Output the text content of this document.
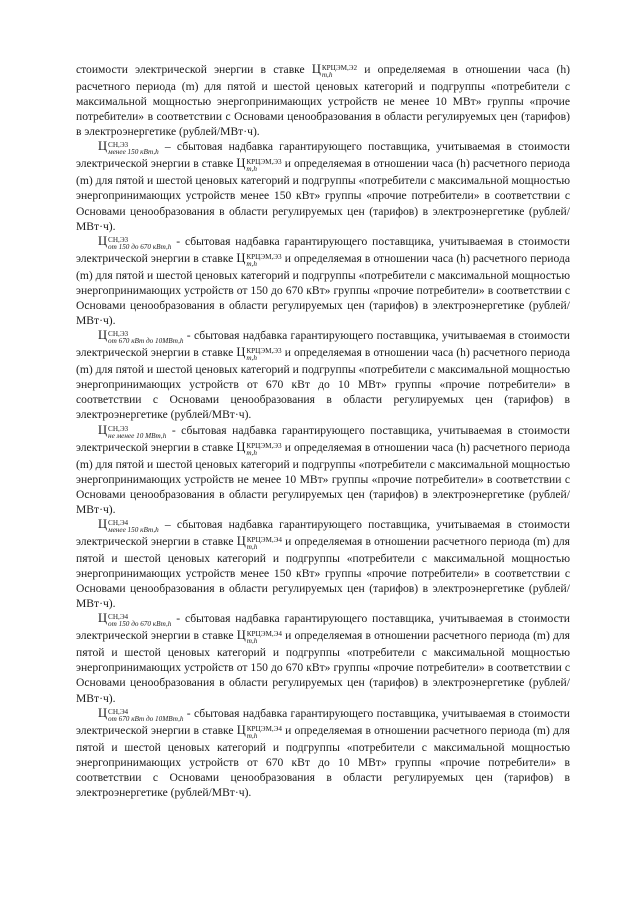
стоимости электрической энергии в ставке Ц КРЦЭМ,Э2
m,h	и определяемая в отношении часа (h) расчетного периода (m) для пятой и шестой ценовых категорий и подгруппы «потребители с максимальной мощностью энергопринимающих устройств не менее 10 МВт» группы «прочие потребители» в соответствии с Основами ценообразования в области регулируемых цен (тарифов) в электроэнергетике (рублей/МВт·ч).

Ц СН,Э3
менее 150 кВт,h – сбытовая надбавка гарантирующего поставщика, учитываемая в стоимости электрической энергии в ставке Ц КРЦЭМ,Э3
m,h	и определяемая в отношении часа (h) расчетного периода (m) для пятой и шестой ценовых категорий и подгруппы «потребители с максимальной мощностью энергопринимающих устройств менее 150 кВт» группы «прочие потребители» в соответствии с Основами ценообразования в области регулируемых цен (тарифов) в электроэнергетике (рублей/МВт·ч).

Ц СН,Э3
от 150 до 670 кВт,h - сбытовая надбавка гарантирующего поставщика, учитываемая в стоимости электрической энергии в ставке Ц КРЦЭМ,Э3
m,h	и определяемая в отношении часа (h) расчетного периода (m) для пятой и шестой ценовых категорий и подгруппы «потребители с максимальной мощностью энергопринимающих устройств от 150 до 670 кВт» группы «прочие потребители» в соответствии с Основами ценообразования в области регулируемых цен (тарифов) в электроэнергетике (рублей/МВт·ч).

Ц СН,Э3
от 670 кВт до 10МВт,h - сбытовая надбавка гарантирующего поставщика, учитываемая в стоимости электрической энергии в ставке Ц КРЦЭМ,Э3
m,h	и определяемая в отношении часа (h) расчетного периода (m) для пятой и шестой ценовых категорий и подгруппы «потребители с максимальной мощностью энергопринимающих устройств от 670 кВт до 10 МВт» группы «прочие потребители» в соответствии с Основами ценообразования в области регулируемых цен (тарифов) в электроэнергетике (рублей/МВт·ч).

Ц СН,Э3
не менее 10 МВт,h - сбытовая надбавка гарантирующего поставщика, учитываемая в стоимости электрической энергии в ставке Ц КРЦЭМ,Э3
m,h	и определяемая в отношении часа (h) расчетного периода (m) для пятой и шестой ценовых категорий и подгруппы «потребители с максимальной мощностью энергопринимающих устройств не менее 10 МВт» группы «прочие потребители» в соответствии с Основами ценообразования в области регулируемых цен (тарифов) в электроэнергетике (рублей/МВт·ч).

Ц СН,Э4
менее 150 кВт,h – сбытовая надбавка гарантирующего поставщика, учитываемая в стоимости электрической энергии в ставке Ц КРЦЭМ,Э4
m,h	и определяемая в отношении расчетного периода (m) для пятой и шестой ценовых категорий и подгруппы «потребители с максимальной мощностью энергопринимающих устройств менее 150 кВт» группы «прочие потребители» в соответствии с Основами ценообразования в области регулируемых цен (тарифов) в электроэнергетике (рублей/МВт·ч).

Ц СН,Э4
от 150 до 670 кВт,h - сбытовая надбавка гарантирующего поставщика, учитываемая в стоимости электрической энергии в ставке Ц КРЦЭМ,Э4
m,h	и определяемая в отношении расчетного периода (m) для пятой и шестой ценовых категорий и подгруппы «потребители с максимальной мощностью энергопринимающих устройств от 150 до 670 кВт» группы «прочие потребители» в соответствии с Основами ценообразования в области регулируемых цен (тарифов) в электроэнергетике (рублей/МВт·ч).

Ц СН,Э4
от 670 кВт до 10МВт,h - сбытовая надбавка гарантирующего поставщика, учитываемая в стоимости электрической энергии в ставке Ц КРЦЭМ,Э4
m,h	и определяемая в отношении расчетного периода (m) для пятой и шестой ценовых категорий и подгруппы «потребители с максимальной мощностью энергопринимающих устройств от 670 кВт до 10 МВт» группы «прочие потребители» в соответствии с Основами ценообразования в области регулируемых цен (тарифов) в электроэнергетике (рублей/МВт·ч).
